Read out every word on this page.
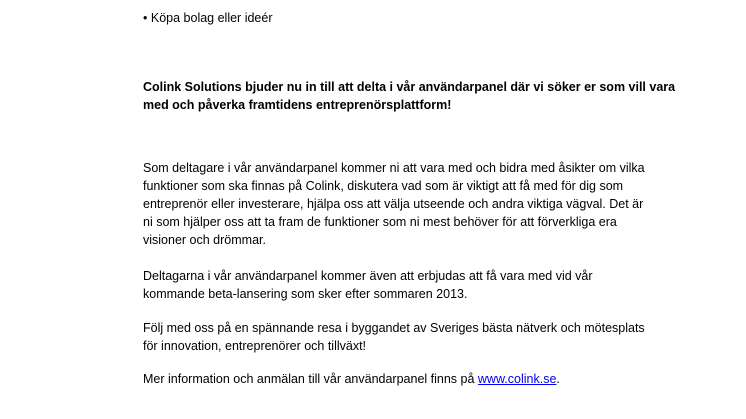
• Köpa bolag eller ideér
Colink Solutions bjuder nu in till att delta i vår användarpanel där vi söker er som vill vara
med och påverka framtidens entreprenörsplattform!
Som deltagare i vår användarpanel kommer ni att vara med och bidra med åsikter om vilka
funktioner som ska finnas på Colink, diskutera vad som är viktigt att få med för dig som
entreprenör eller investerare, hjälpa oss att välja utseende och andra viktiga vägval. Det är
ni som hjälper oss att ta fram de funktioner som ni mest behöver för att förverkliga era
visioner och drömmar.
Deltagarna i vår användarpanel kommer även att erbjudas att få vara med vid vår
kommande beta-lansering som sker efter sommaren 2013.
Följ med oss på en spännande resa i byggandet av Sveriges bästa nätverk och mötesplats
för innovation, entreprenörer och tillväxt!
Mer information och anmälan till vår användarpanel finns på www.colink.se.
